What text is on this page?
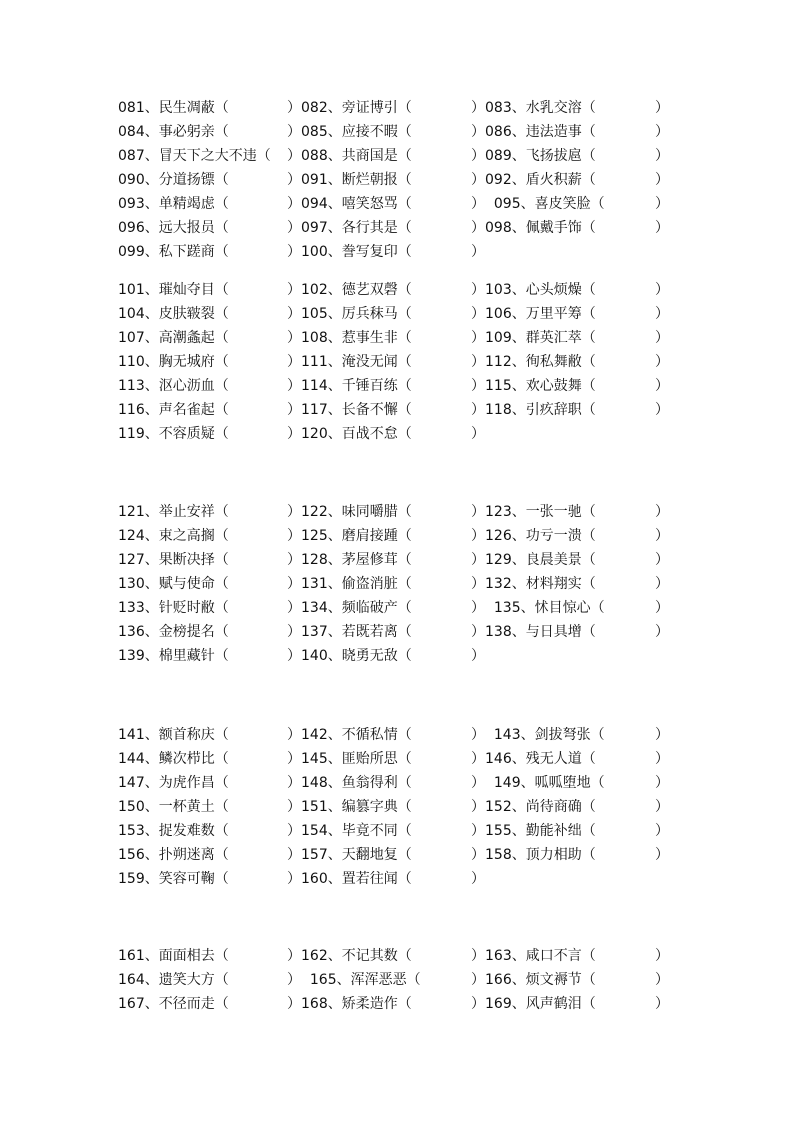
081、民生凋蔽（	）082、旁证博引（	）083、水乳交溶（	）
084、事必躬亲（	）085、应接不暇（	）086、违法造事（	）
087、冒天下之大不违（ ）088、共商国是（	）089、飞扬拔扈（	）
090、分道扬镖（	）091、断烂朝报（	）092、盾火积薪（	）
093、单精竭虑（	）094、嘻笑怒骂（	）  095、喜皮笑脸（	）
096、远大报员（	）097、各行其是（	）098、佩戴手饰（	）
099、私下蹉商（	）100、誊写复印（	）
101、璀灿夺目（	）102、德艺双磬（	）103、心头烦燥（	）
104、皮肤皲裂（	）105、厉兵秣马（	）106、万里平筹（	）
107、高潮螽起（	）108、惹事生非（	）109、群英汇萃（	）
110、胸无城府（	）111、淹没无闻（	）112、徇私舞敝（	）
113、沤心沥血（	）114、千锤百练（	）115、欢心鼓舞（	）
116、声名雀起（	）117、长备不懈（	）118、引疚辞职（	）
119、不容质疑（	）120、百战不怠（	）
121、举止安祥（	）122、味同嚼腊（	）123、一张一驰（	）
124、束之高搁（	）125、磨肩接踵（	）126、功亏一溃（	）
127、果断决择（	）128、茅屋修茸（	）129、良晨美景（	）
130、赋与使命（	）131、偷盗消脏（	）132、材料翔实（	）
133、针贬时敝（	）134、频临破产（	）  135、怵目惊心（	）
136、金榜提名（	）137、若既若离（	）138、与日具增（	）
139、棉里藏针（	）140、晓勇无敌（	）
141、额首称庆（	）142、不循私情（	）  143、剑拔弩张（	）
144、鳞次栉比（	）145、匪贻所思（	）146、残无人道（	）
147、为虎作昌（	）148、鱼翁得利（	）  149、呱呱堕地（	）
150、一杯黄土（	）151、编篡字典（	）152、尚待商确（	）
153、捉发难数（	）154、毕竟不同（	）155、勤能补绌（	）
156、扑朔迷离（	）157、天翻地复（	）158、顶力相助（	）
159、笑容可鞠（	）160、置若往闻（	）
161、面面相去（	）162、不记其数（	）163、咸口不言（	）
164、遗笑大方（	）  165、浑浑恶恶（	）166、烦文褥节（	）
167、不径而走（	）168、矫柔造作（	）169、风声鹤泪（	）
